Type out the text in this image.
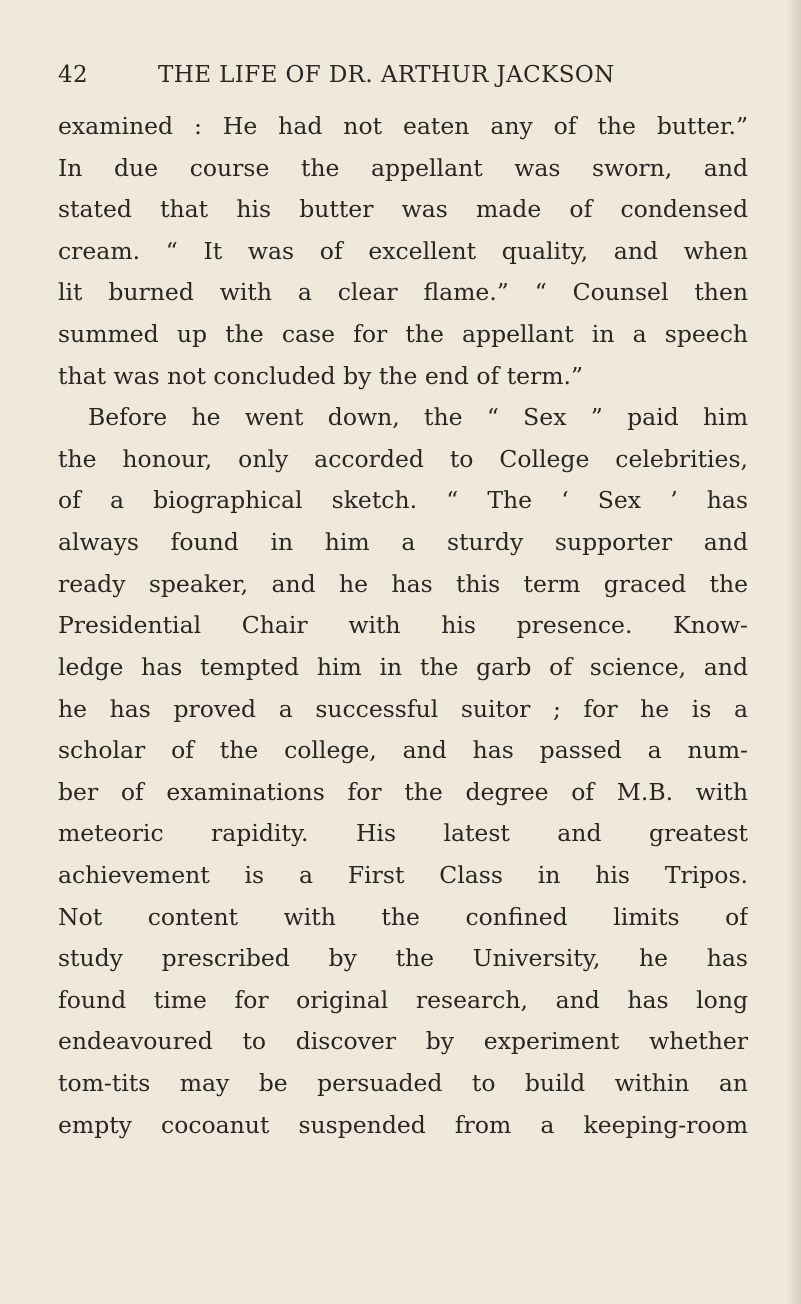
42	THE LIFE OF DR. ARTHUR JACKSON
examined : He had not eaten any of the butter.”
In due course the appellant was sworn, and
stated that his butter was made of condensed
cream. “ It was of excellent quality, and when
lit burned with a clear flame.” “ Counsel then
summed up the case for the appellant in a speech
that was not concluded by the end of term.”
Before he went down, the “ Sex ” paid him
the honour, only accorded to College celebrities,
of a biographical sketch. “ The ‘ Sex ’ has
always found in him a sturdy supporter and
ready speaker, and he has this term graced the
Presidential Chair with his presence. Know-
ledge has tempted him in the garb of science, and
he has proved a successful suitor ; for he is a
scholar of the college, and has passed a num-
ber of examinations for the degree of M.B. with
meteoric rapidity. His latest and greatest
achievement is a First Class in his Tripos.
Not content with the confined limits of
study prescribed by the University, he has
found time for original research, and has long
endeavoured to discover by experiment whether
tom-tits may be persuaded to build within an
empty cocoanut suspended from a keeping-room
